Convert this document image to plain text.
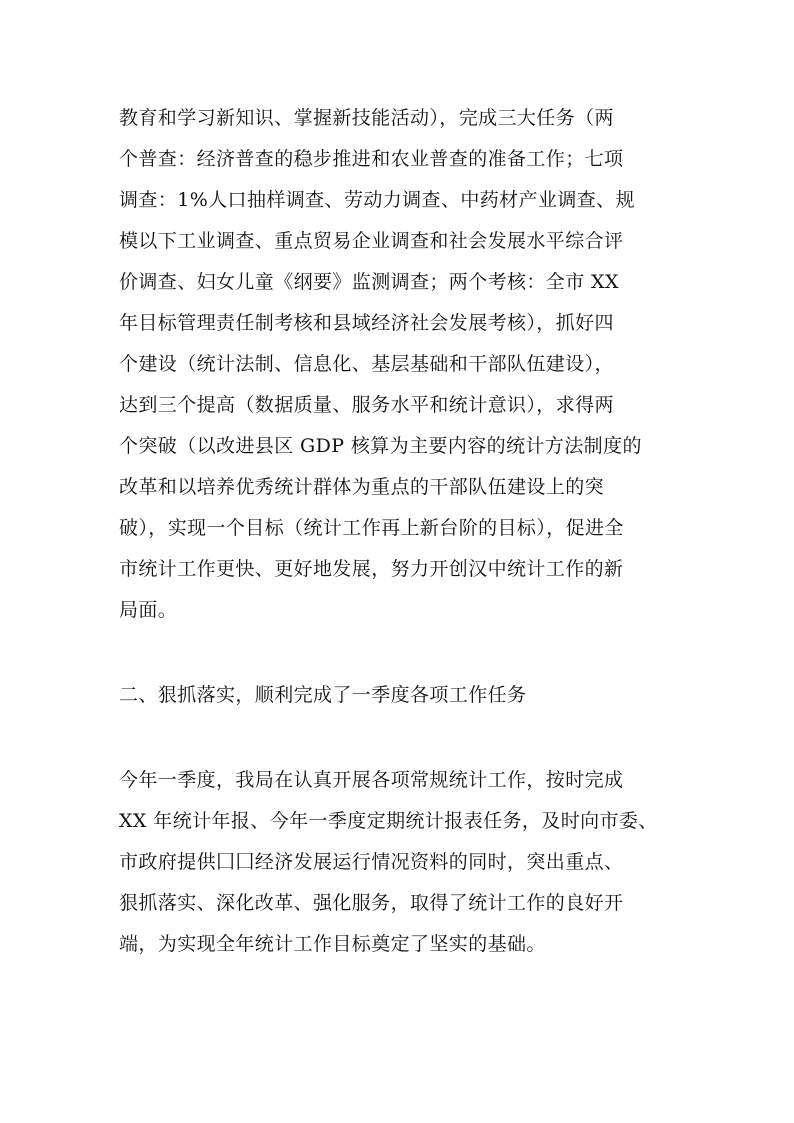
教育和学习新知识、掌握新技能活动），完成三大任务（两
个普查：经济普查的稳步推进和农业普查的准备工作；七项
调查：1%人口抽样调查、劳动力调查、中药材产业调查、规
模以下工业调查、重点贸易企业调查和社会发展水平综合评
价调查、妇女儿童《纲要》监测调查；两个考核：全市 XX
年目标管理责任制考核和县域经济社会发展考核），抓好四
个建设（统计法制、信息化、基层基础和干部队伍建设），
达到三个提高（数据质量、服务水平和统计意识），求得两
个突破（以改进县区 GDP 核算为主要内容的统计方法制度的
改革和以培养优秀统计群体为重点的干部队伍建设上的突
破），实现一个目标（统计工作再上新台阶的目标），促进全
市统计工作更快、更好地发展，努力开创汉中统计工作的新
局面。
二、狠抓落实，顺利完成了一季度各项工作任务
今年一季度，我局在认真开展各项常规统计工作，按时完成
XX 年统计年报、今年一季度定期统计报表任务，及时向市委、
市政府提供囗囗经济发展运行情况资料的同时，突出重点、
狠抓落实、深化改革、强化服务，取得了统计工作的良好开
端，为实现全年统计工作目标奠定了坚实的基础。
